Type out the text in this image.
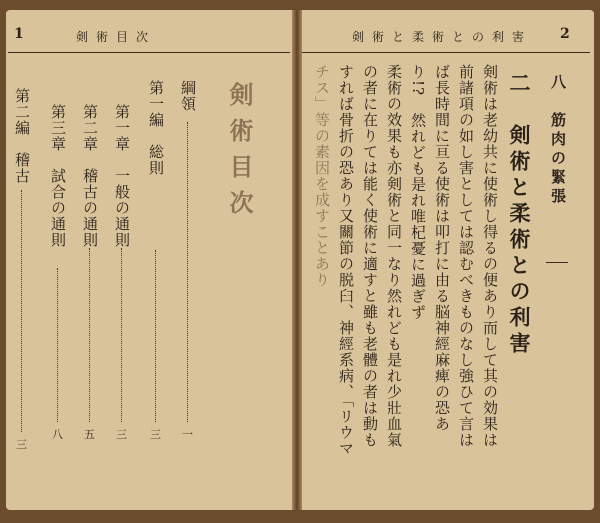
1	剣術目次
剣術目次
綱領
第一編　総則
第一章　一般の通則
第二章　稽古の通則
第三章　試合の通則
第二編　稽古
一
三
三
五
八
三
剣術と柔術との利害 2
八　筋肉の緊張
二　剣術と柔術との利害
剣術は老幼共に使術し得るの便あり而して其の効果は
前諸項の如し害としては認むべきものなし強ひて言は
ば長時間に亘る使術は叩打に由る脳神經麻痺の恐あ
り!?　然れども是れ唯杞憂に過ぎず
柔術の效果も亦剣術と同一なり然れども是れ少壯血氣
の者に在りては能く使術に適すと雖も老體の者は動も
すれば骨折の恐あり又關節の脱臼、神經系病、「リウマ
チス」等の素因を成すことあり
